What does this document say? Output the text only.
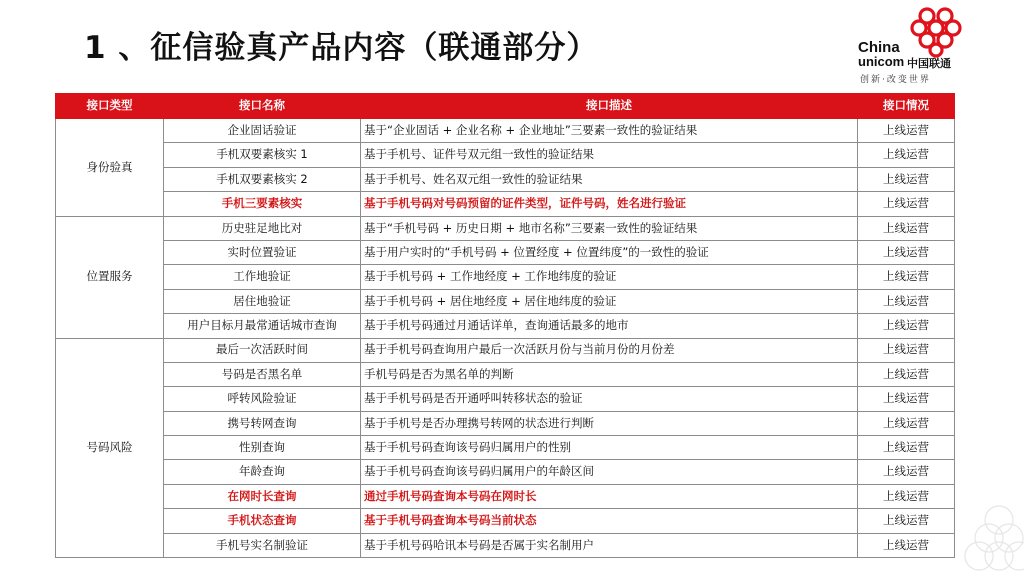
1 、征信验真产品内容（联通部分）	China
unicom 中国联通
创新·改变世界
接口类型	接口名称	接口描述	接口情况
身份验真	企业固话验证	基于“企业固话 + 企业名称 + 企业地址”三要素一致性的验证结果	上线运营
	手机双要素核实 1	基于手机号、证件号双元组一致性的验证结果	上线运营
	手机双要素核实 2	基于手机号、姓名双元组一致性的验证结果	上线运营
	手机三要素核实	基于手机号码对号码预留的证件类型，证件号码，姓名进行验证	上线运营
位置服务	历史驻足地比对	基于“手机号码 + 历史日期 + 地市名称”三要素一致性的验证结果	上线运营
	实时位置验证	基于用户实时的“手机号码 + 位置经度 + 位置纬度”的一致性的验证	上线运营
	工作地验证	基于手机号码 + 工作地经度 + 工作地纬度的验证	上线运营
	居住地验证	基于手机号码 + 居住地经度 + 居住地纬度的验证	上线运营
	用户目标月最常通话城市查询	基于手机号码通过月通话详单，查询通话最多的地市	上线运营
号码风险	最后一次活跃时间	基于手机号码查询用户最后一次活跃月份与当前月份的月份差	上线运营
	号码是否黑名单	手机号码是否为黑名单的判断	上线运营
	呼转风险验证	基于手机号码是否开通呼叫转移状态的验证	上线运营
	携号转网查询	基于手机号是否办理携号转网的状态进行判断	上线运营
	性别查询	基于手机号码查询该号码归属用户的性别	上线运营
	年龄查询	基于手机号码查询该号码归属用户的年龄区间	上线运营
	在网时长查询	通过手机号码查询本号码在网时长	上线运营
	手机状态查询	基于手机号码查询本号码当前状态	上线运营
	手机号实名制验证	基于手机号码哈讯本号码是否属于实名制用户	上线运营
